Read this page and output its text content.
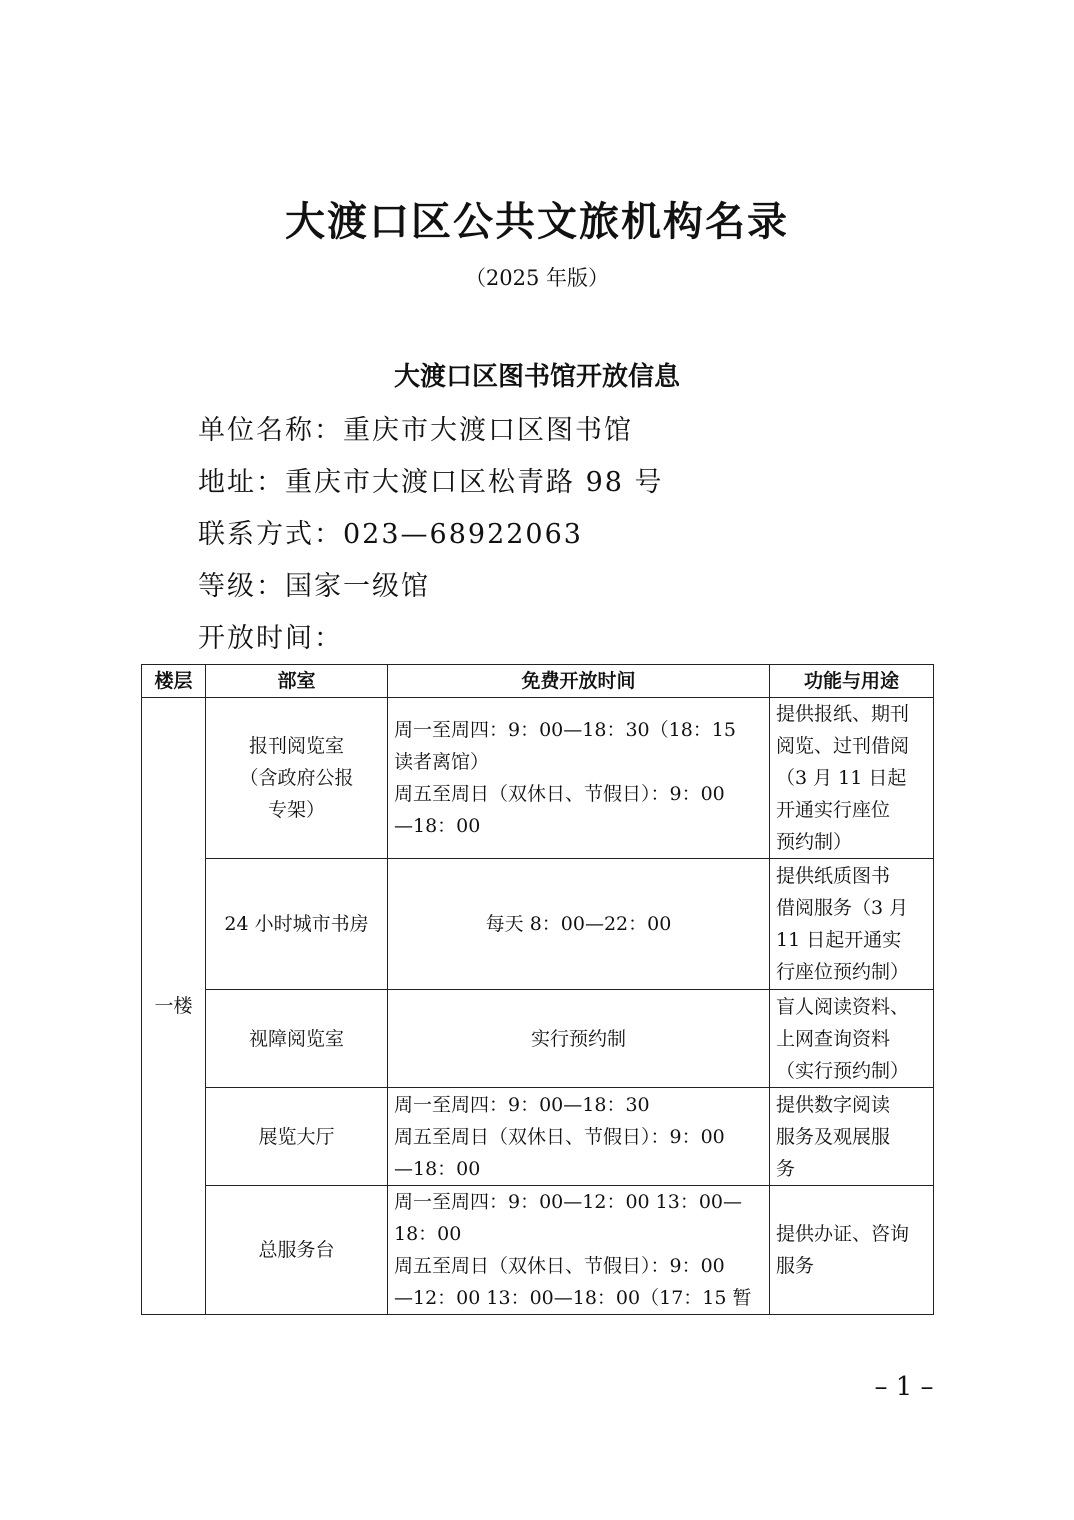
大渡口区公共文旅机构名录
（2025 年版）
大渡口区图书馆开放信息
单位名称：重庆市大渡口区图书馆
地址：重庆市大渡口区松青路 98 号
联系方式：023—68922063
等级：国家一级馆
开放时间：
楼层	部室	免费开放时间	功能与用途
一楼	报刊阅览室
（含政府公报
专架）	周一至周四：9：00—18：30（18：15
读者离馆）
周五至周日（双休日、节假日）：9：00
—18：00	提供报纸、期刊
阅览、过刊借阅
（3 月 11 日起
开通实行座位
预约制）

	24 小时城市书房	每天 8：00—22：00	提供纸质图书
借阅服务（3 月
11 日起开通实
行座位预约制）

	视障阅览室	实行预约制	盲人阅读资料、
上网查询资料
（实行预约制）

	展览大厅	周一至周四：9：00—18：30
周五至周日（双休日、节假日）：9：00
—18：00	提供数字阅读
服务及观展服
务

	总服务台	周一至周四：9：00—12：00 13：00—
18：00
周五至周日（双休日、节假日）：9：00
—12：00 13：00—18：00（17：15 暂	提供办证、咨询
服务
– 1 –
